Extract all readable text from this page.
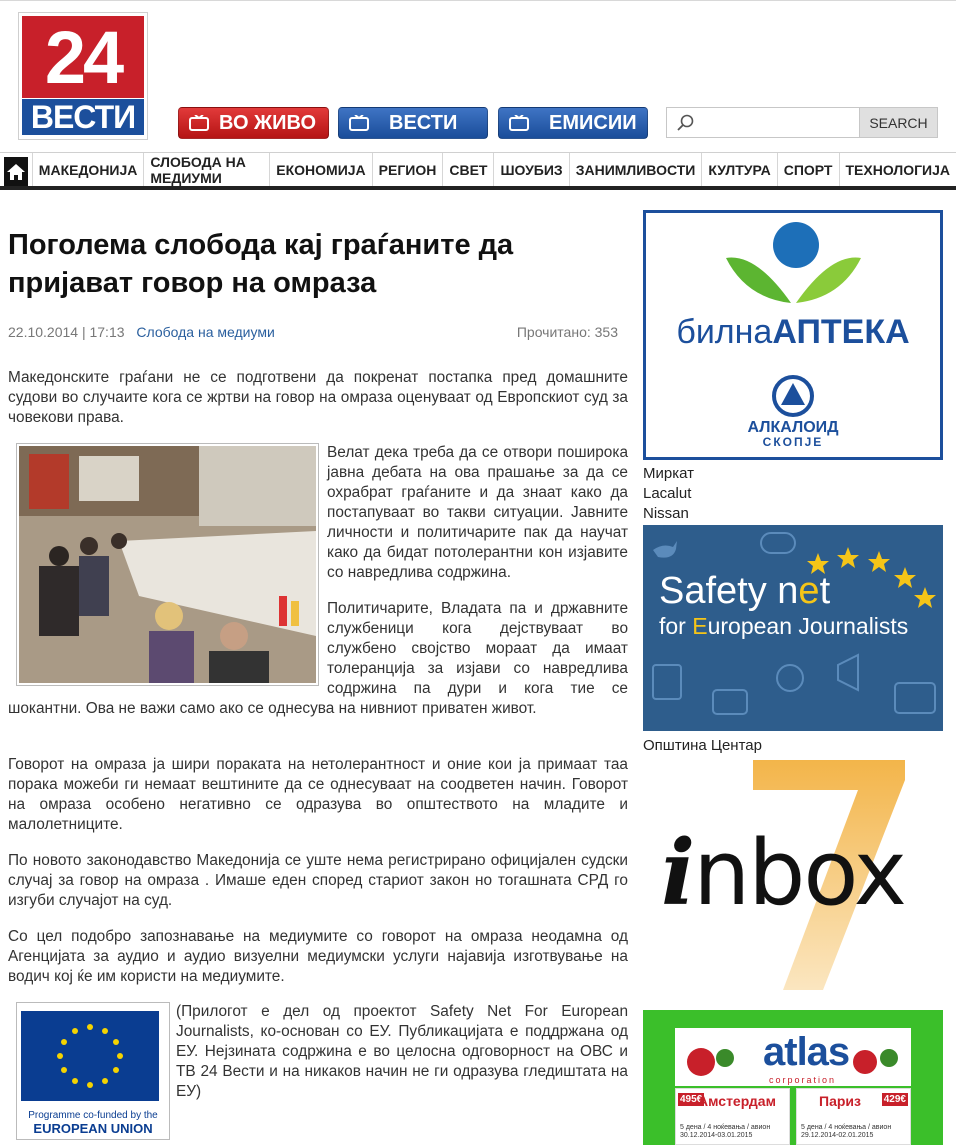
24
ВЕСТИ	ВО ЖИВО	ВЕСТИ	ЕМИСИИ	SEARCH
МАКЕДОНИЈА СЛОБОДА НА МЕДИУМИ	ЕКОНОМИЈА РЕГИОН СВЕТ ШОУБИЗ ЗАНИМЛИВОСТИ КУЛТУРА СПОРТ ТЕХНОЛОГИЈА
Поголема слобода кај граѓаните да пријават говор на омраза
22.10.2014 | 17:13 Слобода на медиуми	Прочитано: 353

Македонските граѓани не се подготвени да покренат постапка пред домашните судови во случаите кога се жртви на говор на омраза оценуваат од Европскиот суд за човекови права.

Велат дека треба да се отвори поширока јавна дебата на ова прашање за да се охрабрат граѓаните и да знаат како да постапуваат во такви ситуации. Јавните личности и политичарите пак да научат како да бидат потолерантни кон изјавите со навредлива содржина.

Политичарите, Владата па и државните службеници кога дејствуваат во службено својство мораат да имаат толеранција за изјави со навредлива содржина па дури и кога тие се шокантни. Ова не важи само ако се однесува на нивниот приватен живот.

Говорот на омраза ја шири пораката на нетолерантност и оние кои ја примаат таа порака можеби ги немаат вештините да се однесуваат на соодветен начин. Говорот на омраза особено негативно се одразува во општеството на младите и малолетниците.

По новото законодавство Македонија се уште нема регистрирано официјален судски случај за говор на омраза . Имаше еден според стариот закон но тогашната СРД го изгуби случајот на суд.

Со цел подобро запознавање на медиумите со говорот на омраза неодамна од Агенцијата за аудио и аудио визуелни медиумски услуги најавија изготвување на водич кој ќе им користи на медиумите.

Programme co-funded by the
EUROPEAN UNION

(Прилогот е дел од проектот Safety Net For European Journalists, ко-основан со ЕУ. Публикацијата е поддржана од ЕУ. Нејзината содржина е во целосна одговорност на ОВС и ТВ 24 Вести и на никаков начин не ги одразува гледиштата на ЕУ)

билнаАПТЕКА
АЛКАЛОИД
СКОПЈЕ
Миркат
Lacalut
Nissan
Safety net
for European Journalists
Општина Центар
inbox
atlas
corporation
495€
Амстердам
5 дена / 4 ноќевања / авион 30.12.2014-03.01.2015
429€
Париз
5 дена / 4 ноќевања / авион 29.12.2014-02.01.2015
